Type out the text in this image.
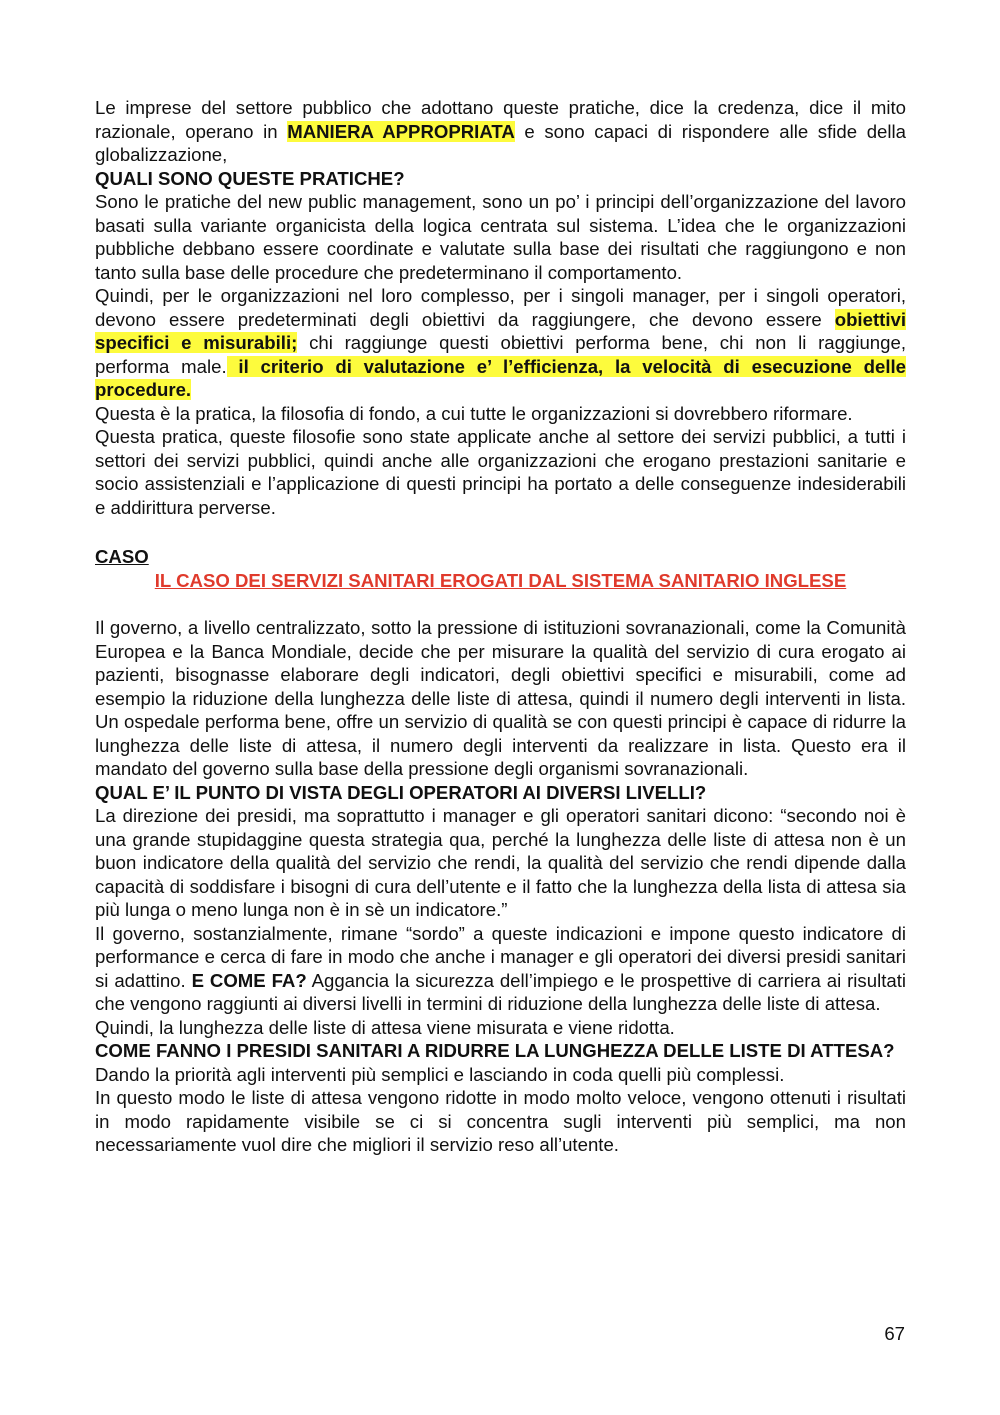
Le imprese del settore pubblico che adottano queste pratiche, dice la credenza, dice il mito razionale, operano in MANIERA APPROPRIATA e sono capaci di rispondere alle sfide della globalizzazione,

QUALI SONO QUESTE PRATICHE?

Sono le pratiche del new public management, sono un po’ i principi dell’organizzazione del lavoro basati sulla variante organicista della logica centrata sul sistema. L’idea che le organizzazioni pubbliche debbano essere coordinate e valutate sulla base dei risultati che raggiungono e non tanto sulla base delle procedure che predeterminano il comportamento.

Quindi, per le organizzazioni nel loro complesso, per i singoli manager, per i singoli operatori, devono essere predeterminati degli obiettivi da raggiungere, che devono essere obiettivi specifici e misurabili; chi raggiunge questi obiettivi performa bene, chi non li raggiunge, performa male. il criterio di valutazione e’ l’efficienza, la velocità di esecuzione delle procedure.

Questa è la pratica, la filosofia di fondo, a cui tutte le organizzazioni si dovrebbero riformare.

Questa pratica, queste filosofie sono state applicate anche al settore dei servizi pubblici, a tutti i settori dei servizi pubblici, quindi anche alle organizzazioni che erogano prestazioni sanitarie e socio assistenziali e l’applicazione di questi principi ha portato a delle conseguenze indesiderabili e addirittura perverse.

CASO

IL CASO DEI SERVIZI SANITARI EROGATI DAL SISTEMA SANITARIO INGLESE

Il governo, a livello centralizzato, sotto la pressione di istituzioni sovranazionali, come la Comunità Europea e la Banca Mondiale, decide che per misurare la qualità del servizio di cura erogato ai pazienti, bisognasse elaborare degli indicatori, degli obiettivi specifici e misurabili, come ad esempio la riduzione della lunghezza delle liste di attesa, quindi il numero degli interventi in lista. Un ospedale performa bene, offre un servizio di qualità se con questi principi è capace di ridurre la lunghezza delle liste di attesa, il numero degli interventi da realizzare in lista. Questo era il mandato del governo sulla base della pressione degli organismi sovranazionali.

QUAL E’ IL PUNTO DI VISTA DEGLI OPERATORI AI DIVERSI LIVELLI?

La direzione dei presidi, ma soprattutto i manager e gli operatori sanitari dicono: “secondo noi è una grande stupidaggine questa strategia qua, perché la lunghezza delle liste di attesa non è un buon indicatore della qualità del servizio che rendi, la qualità del servizio che rendi dipende dalla capacità di soddisfare i bisogni di cura dell’utente e il fatto che la lunghezza della lista di attesa sia più lunga o meno lunga non è in sè un indicatore.”

Il governo, sostanzialmente, rimane “sordo” a queste indicazioni e impone questo indicatore di performance e cerca di fare in modo che anche i manager e gli operatori dei diversi presidi sanitari si adattino. E COME FA? Aggancia la sicurezza dell’impiego e le prospettive di carriera ai risultati che vengono raggiunti ai diversi livelli in termini di riduzione della lunghezza delle liste di attesa.

Quindi, la lunghezza delle liste di attesa viene misurata e viene ridotta.

COME FANNO I PRESIDI SANITARI A RIDURRE LA LUNGHEZZA DELLE LISTE DI ATTESA?

Dando la priorità agli interventi più semplici e lasciando in coda quelli più complessi.

In questo modo le liste di attesa vengono ridotte in modo molto veloce, vengono ottenuti i risultati in modo rapidamente visibile se ci si concentra sugli interventi più semplici, ma non necessariamente vuol dire che migliori il servizio reso all’utente.

67
